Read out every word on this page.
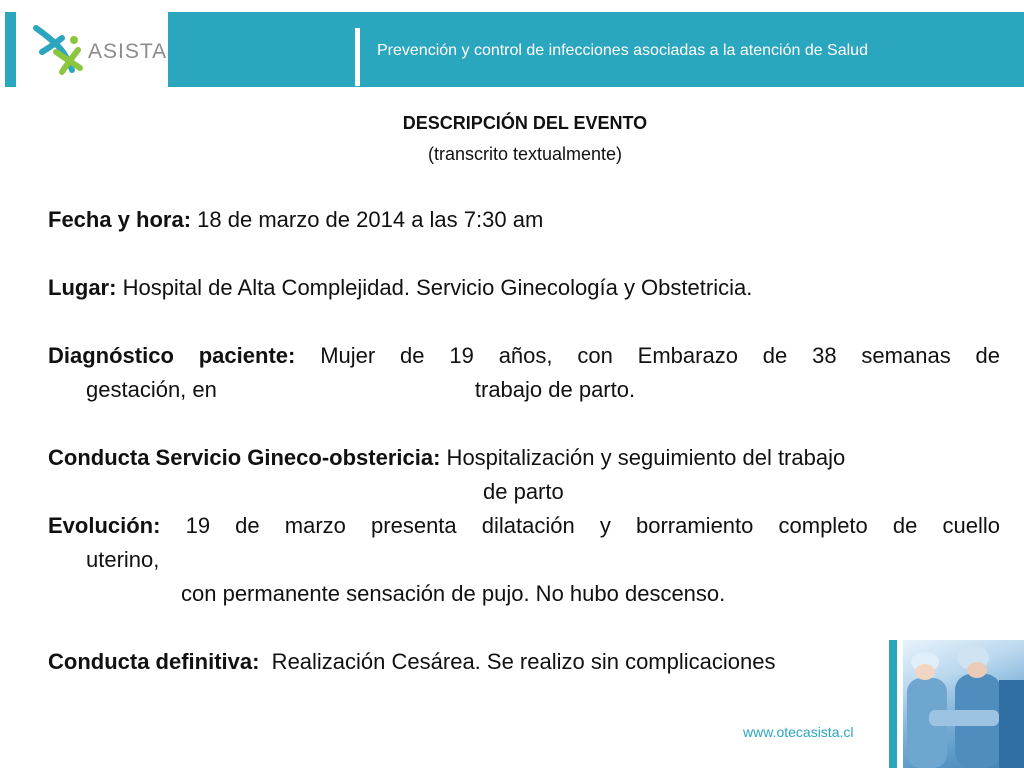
ASISTA	Prevención y control de infecciones asociadas a la atención de Salud
DESCRIPCIÓN DEL EVENTO
(transcrito textualmente)
Fecha y hora: 18 de marzo de 2014 a las 7:30 am
Lugar: Hospital de Alta Complejidad. Servicio Ginecología y Obstetricia.
Diagnóstico paciente: Mujer de 19 años, con Embarazo de 38 semanas de
gestación, en	trabajo de parto.
Conducta Servicio Gineco-obstericia: Hospitalización y seguimiento del trabajo
de parto
Evolución: 19 de marzo presenta dilatación y borramiento completo de cuello
uterino,
con permanente sensación de pujo. No hubo descenso.
Conducta definitiva:  Realización Cesárea. Se realizo sin complicaciones
www.otecasista.cl
